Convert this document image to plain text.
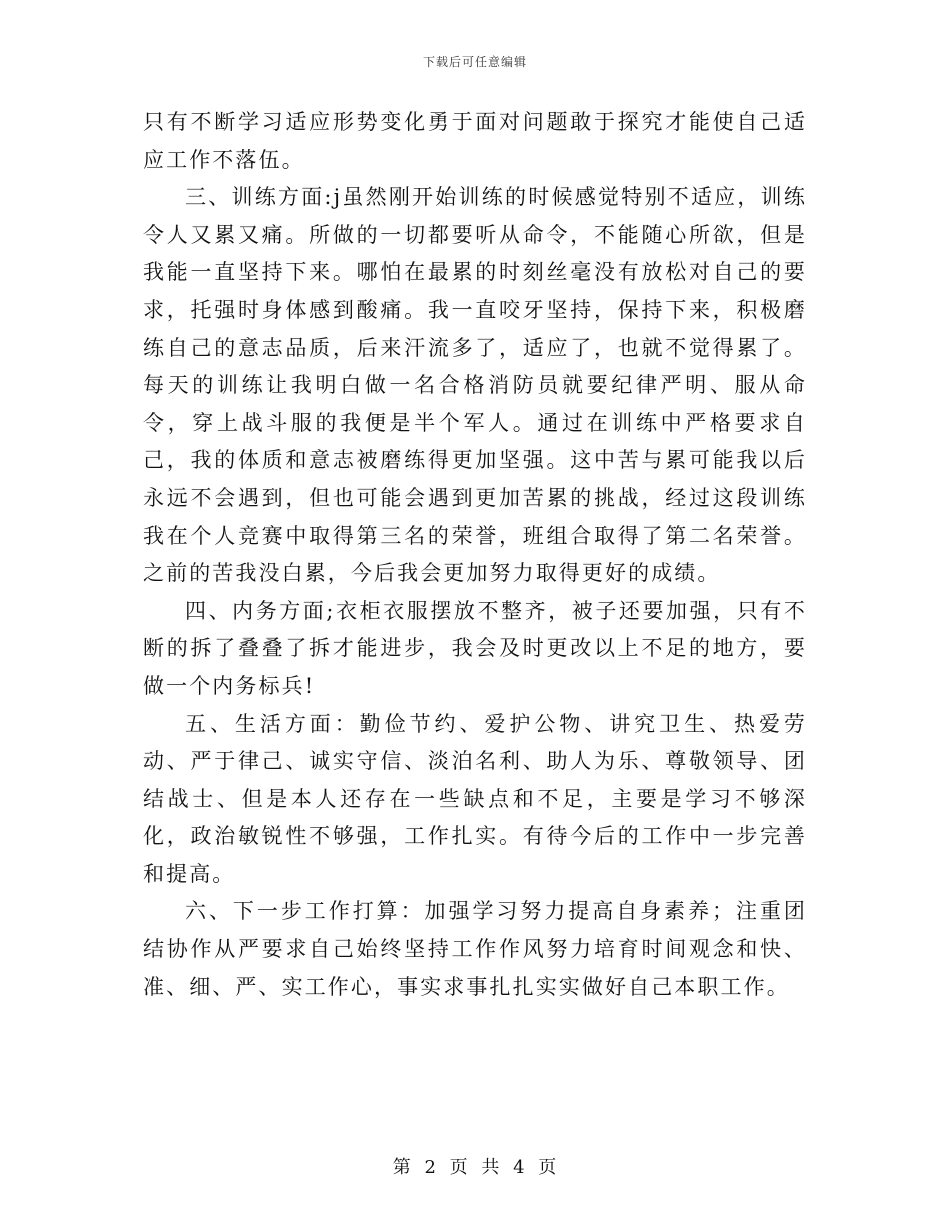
下载后可任意编辑

只有不断学习适应形势变化勇于面对问题敢于探究才能使自己适应工作不落伍。

三、训练方面:j虽然刚开始训练的时候感觉特别不适应，训练令人又累又痛。所做的一切都要听从命令，不能随心所欲，但是我能一直坚持下来。哪怕在最累的时刻丝毫没有放松对自己的要求，托强时身体感到酸痛。我一直咬牙坚持，保持下来，积极磨练自己的意志品质，后来汗流多了，适应了，也就不觉得累了。每天的训练让我明白做一名合格消防员就要纪律严明、服从命令，穿上战斗服的我便是半个军人。通过在训练中严格要求自己，我的体质和意志被磨练得更加坚强。这中苦与累可能我以后永远不会遇到，但也可能会遇到更加苦累的挑战，经过这段训练我在个人竞赛中取得第三名的荣誉，班组合取得了第二名荣誉。之前的苦我没白累，今后我会更加努力取得更好的成绩。

四、内务方面;衣柜衣服摆放不整齐，被子还要加强，只有不断的拆了叠叠了拆才能进步，我会及时更改以上不足的地方，要做一个内务标兵!

五、生活方面：勤俭节约、爱护公物、讲究卫生、热爱劳动、严于律己、诚实守信、淡泊名利、助人为乐、尊敬领导、团结战士、但是本人还存在一些缺点和不足，主要是学习不够深化，政治敏锐性不够强，工作扎实。有待今后的工作中一步完善和提高。

六、下一步工作打算：加强学习努力提高自身素养；注重团结协作从严要求自己始终坚持工作作风努力培育时间观念和快、准、细、严、实工作心，事实求事扎扎实实做好自己本职工作。

第 2 页 共 4 页
